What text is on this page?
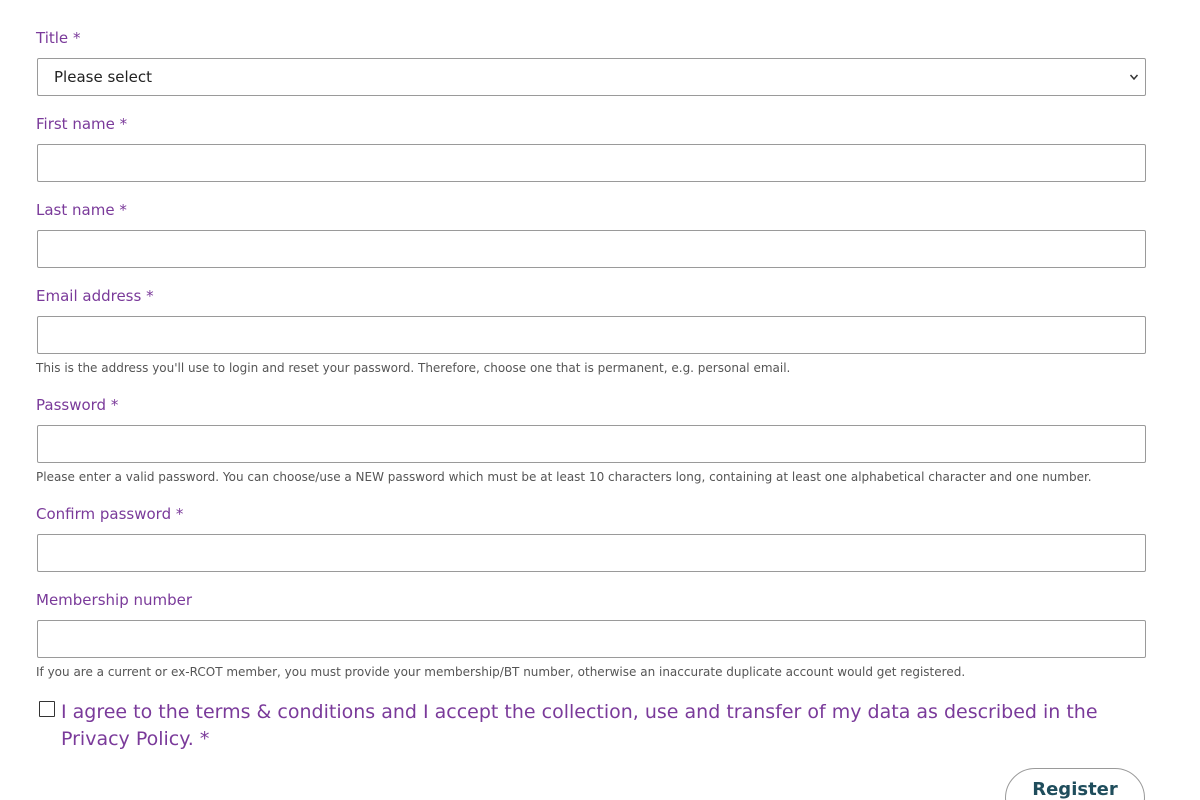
Title *
Please select
First name *
Last name *
Email address *
This is the address you'll use to login and reset your password. Therefore, choose one that is permanent, e.g. personal email.
Password *
Please enter a valid password. You can choose/use a NEW password which must be at least 10 characters long, containing at least one alphabetical character and one number.
Confirm password *
Membership number
If you are a current or ex-RCOT member, you must provide your membership/BT number, otherwise an inaccurate duplicate account would get registered.
I agree to the terms & conditions and I accept the collection, use and transfer of my data as described in the Privacy Policy. *
Register
